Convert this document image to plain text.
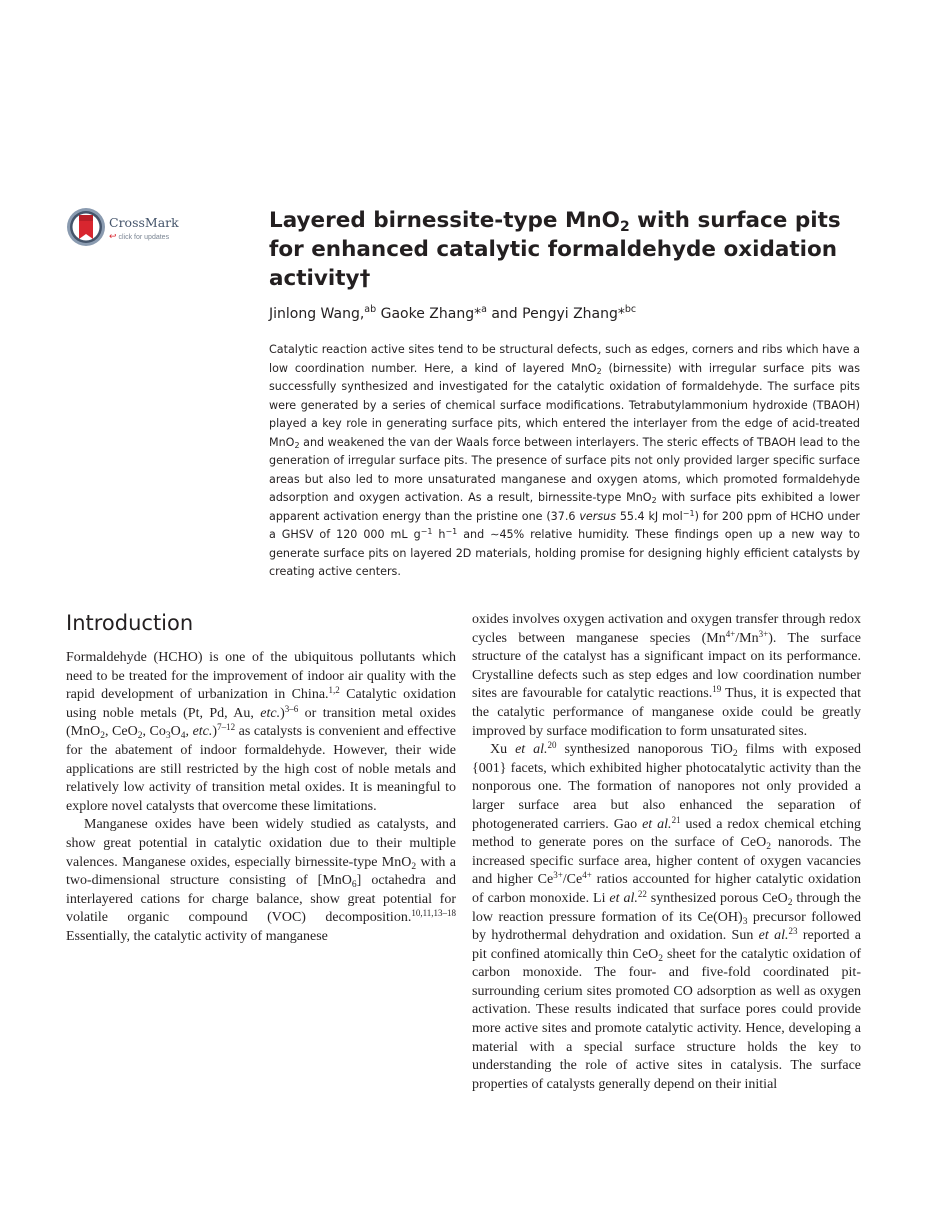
CrossMark
↩ click for updates
Layered birnessite-type MnO$_2$ with surface pits for enhanced catalytic formaldehyde oxidation activity†
Jinlong Wang,$^{ab}$ Gaoke Zhang*$^a$ and Pengyi Zhang*$^{bc}$

Catalytic reaction active sites tend to be structural defects, such as edges, corners and ribs which have a low coordination number. Here, a kind of layered MnO$_2$ (birnessite) with irregular surface pits was successfully synthesized and investigated for the catalytic oxidation of formaldehyde. The surface pits were generated by a series of chemical surface modifications. Tetrabutylammonium hydroxide (TBAOH) played a key role in generating surface pits, which entered the interlayer from the edge of acid-treated MnO$_2$ and weakened the van der Waals force between interlayers. The steric effects of TBAOH lead to the generation of irregular surface pits. The presence of surface pits not only provided larger specific surface areas but also led to more unsaturated manganese and oxygen atoms, which promoted formaldehyde adsorption and oxygen activation. As a result, birnessite-type MnO$_2$ with surface pits exhibited a lower apparent activation energy than the pristine one (37.6 versus 55.4 kJ mol$^{-1}$) for 200 ppm of HCHO under a GHSV of 120 000 mL $g^{-1}$ $h^{-1}$ and ∼45% relative humidity. These findings open up a new way to generate surface pits on layered 2D materials, holding promise for designing highly efficient catalysts by creating active centers.

Introduction

Formaldehyde (HCHO) is one of the ubiquitous pollutants which need to be treated for the improvement of indoor air quality with the rapid development of urbanization in China.$^{1,2}$ Catalytic oxidation using noble metals (Pt, Pd, Au, etc.)$^{3-6}$ or transition metal oxides (MnO$_2$, CeO$_2$, $Co_3O_4$, etc.)$^{7-12}$ as catalysts is convenient and effective for the abatement of indoor formaldehyde. However, their wide applications are still restricted by the high cost of noble metals and relatively low activity of transition metal oxides. It is meaningful to explore novel catalysts that overcome these limitations.

Manganese oxides have been widely studied as catalysts, and show great potential in catalytic oxidation due to their multiple valences. Manganese oxides, especially birnessite-type MnO$_2$ with a two-dimensional structure consisting of [MnO$_6$] octahedra and interlayered cations for charge balance, show great potential for volatile organic compound (VOC) decomposition.$^{10,11,13-18}$ Essentially, the catalytic activity of manganese

oxides involves oxygen activation and oxygen transfer through redox cycles between manganese species $(Mn^{4+}/Mn^{3+})$. The surface structure of the catalyst has a significant impact on its performance. Crystalline defects such as step edges and low coordination number sites are favourable for catalytic reactions.$^{19}$ Thus, it is expected that the catalytic performance of manganese oxide could be greatly improved by surface modification to form unsaturated sites.

Xu et al.$^{20}$ synthesized nanoporous TiO$_2$ films with exposed {001} facets, which exhibited higher photocatalytic activity than the nonporous one. The formation of nanopores not only provided a larger surface area but also enhanced the separation of photogenerated carriers. Gao et al.$^{21}$ used a redox chemical etching method to generate pores on the surface of CeO$_2$ nanorods. The increased specific surface area, higher content of oxygen vacancies and higher $Ce^{3+}/Ce^{4+}$ ratios accounted for higher catalytic oxidation of carbon monoxide. Li et al.$^{22}$ synthesized porous CeO$_2$ through the low reaction pressure formation of its $Ce(OH)_3$ precursor followed by hydrothermal dehydration and oxidation. Sun et al.$^{23}$ reported a pit confined atomically thin CeO$_2$ sheet for the catalytic oxidation of carbon monoxide. The four- and five-fold coordinated pit-surrounding cerium sites promoted CO adsorption as well as oxygen activation. These results indicated that surface pores could provide more active sites and promote catalytic activity. Hence, developing a material with a special surface structure holds the key to understanding the role of active sites in catalysis. The surface properties of catalysts generally depend on their initial
